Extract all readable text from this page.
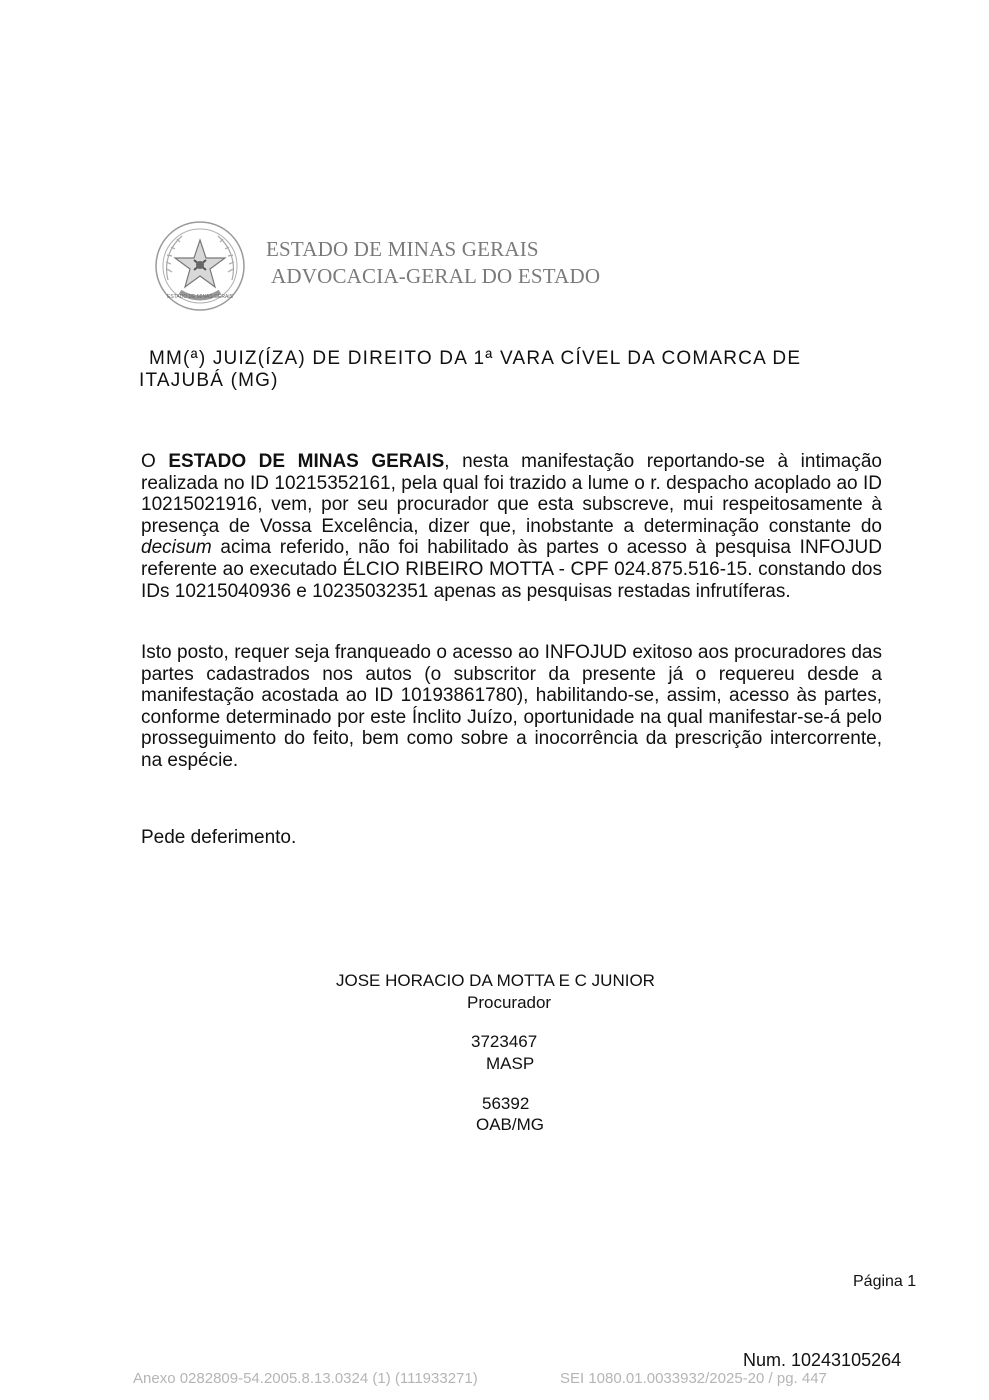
ESTADO DE MINAS GERAIS
ESTADO DE MINAS GERAIS
ADVOCACIA-GERAL DO ESTADO
MM(ª) JUIZ(ÍZA) DE DIREITO DA 1ª VARA CÍVEL DA COMARCA DE
ITAJUBÁ (MG)

O ESTADO DE MINAS GERAIS, nesta manifestação reportando-se à intimação realizada no ID 10215352161, pela qual foi trazido a lume o r. despacho acoplado ao ID 10215021916, vem, por seu procurador que esta subscreve, mui respeitosamente à presença de Vossa Excelência, dizer que, inobstante a determinação constante do decisum acima referido, não foi habilitado às partes o acesso à pesquisa INFOJUD referente ao executado ÉLCIO RIBEIRO MOTTA - CPF 024.875.516-15. constando dos IDs 10215040936 e 10235032351 apenas as pesquisas restadas infrutíferas.

Isto posto, requer seja franqueado o acesso ao INFOJUD exitoso aos procuradores das partes cadastrados nos autos (o subscritor da presente já o requereu desde a manifestação acostada ao ID 10193861780), habilitando-se, assim, acesso às partes, conforme determinado por este Ínclito Juízo, oportunidade na qual manifestar-se-á pelo prosseguimento do feito, bem como sobre a inocorrência da prescrição intercorrente, na espécie.

Pede deferimento.
JOSE HORACIO DA MOTTA E C JUNIOR
Procurador
3723467
MASP
56392
OAB/MG
Página 1
Num. 10243105264
Anexo 0282809-54.2005.8.13.0324 (1) (111933271)	SEI 1080.01.0033932/2025-20 / pg. 447
